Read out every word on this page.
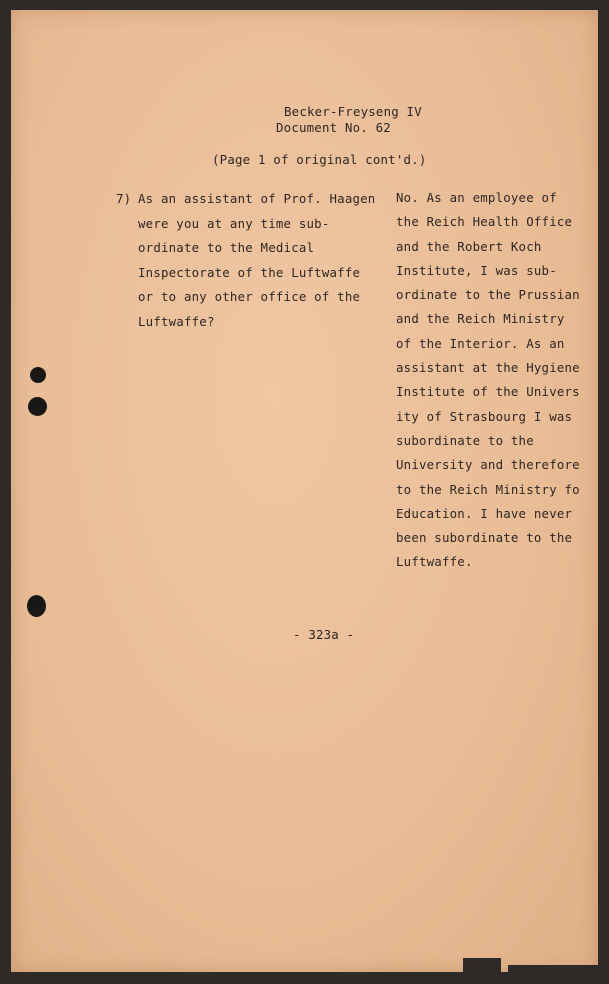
Becker-Freyseng IV
Document No. 62
(Page 1 of original cont'd.)
7) As an assistant of Prof. Haagen
were you at any time sub-
ordinate to the Medical
Inspectorate of the Luftwaffe
or to any other office of the
Luftwaffe?
No. As an employee of
the Reich Health Office
and the Robert Koch
Institute, I was sub-
ordinate to the Prussian
and the Reich Ministry
of the Interior. As an
assistant at the Hygiene
Institute of the Univers
ity of Strasbourg I was
subordinate to the
University and therefore
to the Reich Ministry fo
Education. I have never
been subordinate to the
Luftwaffe.
- 323a -
